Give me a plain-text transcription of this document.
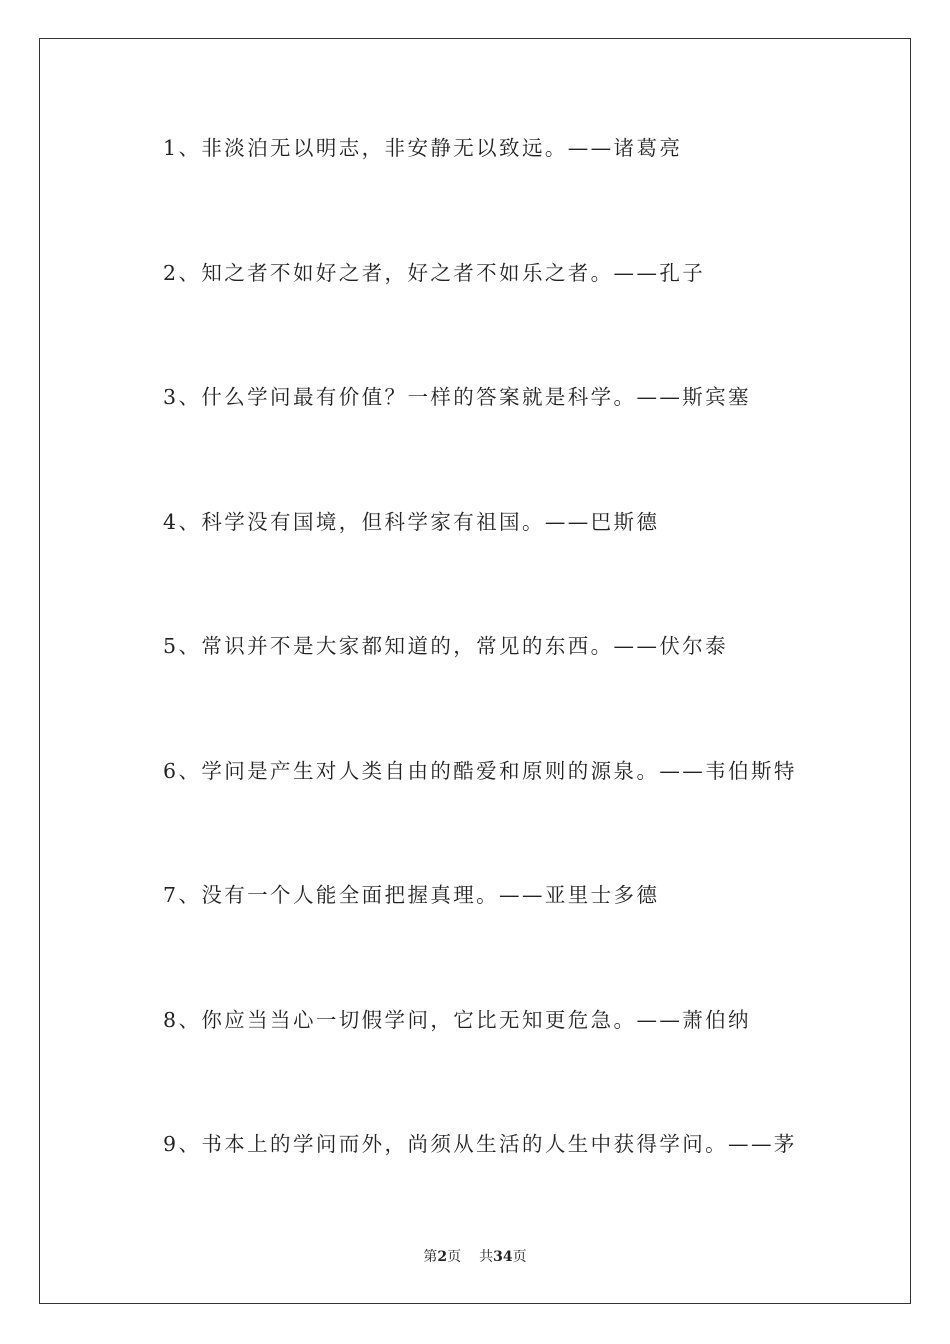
1、非淡泊无以明志，非安静无以致远。——诸葛亮
2、知之者不如好之者，好之者不如乐之者。——孔子
3、什么学问最有价值？一样的答案就是科学。——斯宾塞
4、科学没有国境，但科学家有祖国。——巴斯德
5、常识并不是大家都知道的，常见的东西。——伏尔泰
6、学问是产生对人类自由的酷爱和原则的源泉。——韦伯斯特
7、没有一个人能全面把握真理。——亚里士多德
8、你应当当心一切假学问，它比无知更危急。——萧伯纳
9、书本上的学问而外，尚须从生活的人生中获得学问。——茅
第2页 共34页
